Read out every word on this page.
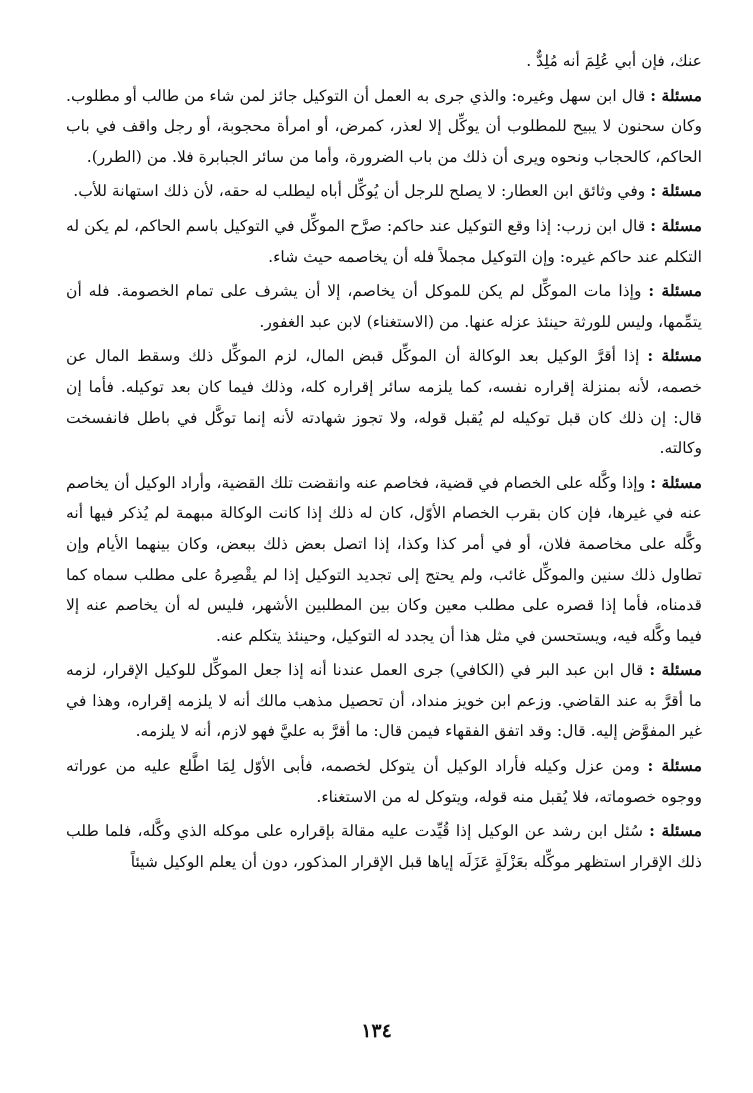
عنك، فإن أبي عُلِمَ أنه مُلِدٌّ .

مسئلة : قال ابن سهل وغيره: والذي جرى به العمل أن التوكيل جائز لمن شاء من طالب أو مطلوب. وكان سحنون لا يبيح للمطلوب أن يوكِّل إلا لعذر، كمرض، أو امرأة محجوبة، أو رجل واقف في باب الحاكم، كالحجاب ونحوه ويرى أن ذلك من باب الضرورة، وأما من سائر الجبابرة فلا. من (الطرر).

مسئلة : وفي وثائق ابن العطار: لا يصلح للرجل أن يُوكِّل أباه ليطلب له حقه، لأن ذلك استهانة للأب.

مسئلة : قال ابن زرب: إذا وقع التوكيل عند حاكم: صرَّح الموكِّل في التوكيل باسم الحاكم، لم يكن له التكلم عند حاكم غيره: وإن التوكيل مجملاً فله أن يخاصمه حيث شاء.

مسئلة : وإذا مات الموكِّل لم يكن للموكل أن يخاصم، إلا أن يشرف على تمام الخصومة. فله أن يتمِّمها، وليس للورثة حينئذ عزله عنها. من (الاستغناء) لابن عبد الغفور.

مسئلة : إذا أقرَّ الوكيل بعد الوكالة أن الموكِّل قبض المال، لزم الموكِّل ذلك وسقط المال عن خصمه، لأنه بمنزلة إقراره نفسه، كما يلزمه سائر إقراره كله، وذلك فيما كان بعد توكيله. فأما إن قال: إن ذلك كان قبل توكيله لم يُقبل قوله، ولا تجوز شهادته لأنه إنما توكَّل في باطل فانفسخت وكالته.

مسئلة : وإذا وكَّله على الخصام في قضية، فخاصم عنه وانقضت تلك القضية، وأراد الوكيل أن يخاصم عنه في غيرها، فإن كان بقرب الخصام الأوّل، كان له ذلك إذا كانت الوكالة مبهمة لم يُذكر فيها أنه وكَّله على مخاصمة فلان، أو في أمر كذا وكذا، إذا اتصل بعض ذلك ببعض، وكان بينهما الأيام وإن تطاول ذلك سنين والموكِّل غائب، ولم يحتج إلى تجديد التوكيل إذا لم يقْصِرهُ على مطلب سماه كما قدمناه، فأما إذا قصره على مطلب معين وكان بين المطلبين الأشهر، فليس له أن يخاصم عنه إلا فيما وكَّله فيه، ويستحسن في مثل هذا أن يجدد له التوكيل، وحينئذ يتكلم عنه.

مسئلة : قال ابن عبد البر في (الكافي) جرى العمل عندنا أنه إذا جعل الموكِّل للوكيل الإقرار، لزمه ما أقرَّ به عند القاضي. وزعم ابن خويز منداد، أن تحصيل مذهب مالك أنه لا يلزمه إقراره، وهذا في غير المفوَّض إليه. قال: وقد اتفق الفقهاء فيمن قال: ما أقرَّ به عليَّ فهو لازم، أنه لا يلزمه.

مسئلة : ومن عزل وكيله فأراد الوكيل أن يتوكل لخصمه، فأبى الأوّل لِمَا اطَّلع عليه من عوراته ووجوه خصوماته، فلا يُقبل منه قوله، ويتوكل له من الاستغناء.

مسئلة : سُئل ابن رشد عن الوكيل إذا قُيِّدت عليه مقالة بإقراره على موكله الذي وكَّله، فلما طلب ذلك الإقرار استظهر موكِّله بعَزْلَةٍ عَزَلَه إياها قبل الإقرار المذكور، دون أن يعلم الوكيل شيئاً

١٣٤
